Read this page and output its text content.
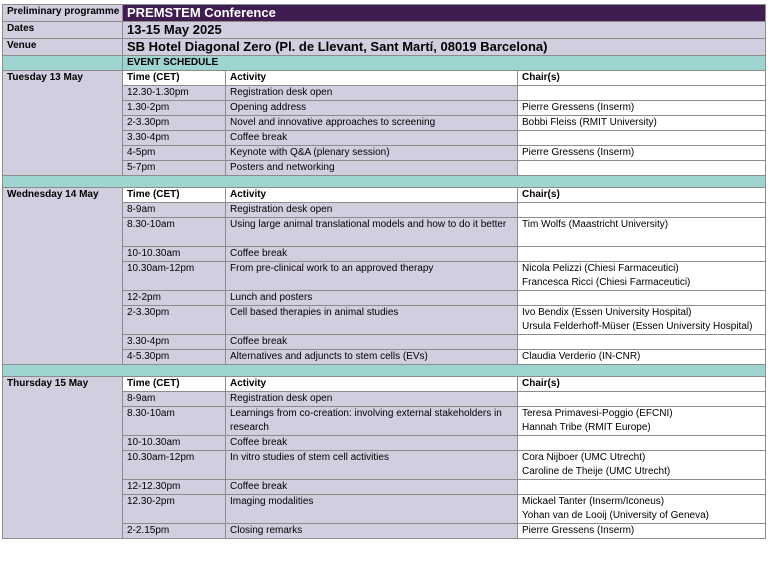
Preliminary programme	PREMSTEM Conference		
Dates	13-15 May 2025		
Venue	SB Hotel Diagonal Zero (Pl. de Llevant, Sant Martí, 08019 Barcelona)		
	EVENT SCHEDULE		
Tuesday 13 May	Time (CET)	Activity	Chair(s)
	12.30-1.30pm	Registration desk open	

	1.30-2pm	Opening address	Pierre Gressens (Inserm)

	2-3.30pm	Novel and innovative approaches to screening	Bobbi Fleiss (RMIT University)

	3.30-4pm	Coffee break	

	4-5pm	Keynote with Q&A (plenary session)	Pierre Gressens (Inserm)

	5-7pm	Posters and networking	

Wednesday 14 May	Time (CET)	Activity	Chair(s)
	8-9am	Registration desk open	

	8.30-10am	Using large animal translational models and how to do it better	Tim Wolfs (Maastricht University)

	10-10.30am	Coffee break	

	10.30am-12pm	From pre-clinical work to an approved therapy	Nicola Pelizzi (Chiesi Farmaceutici)
Francesca Ricci (Chiesi Farmaceutici)

	12-2pm	Lunch and posters	

	2-3.30pm	Cell based therapies in animal studies	Ivo Bendix (Essen University Hospital)
Ursula Felderhoff-Müser (Essen University Hospital)

	3.30-4pm	Coffee break	

	4-5.30pm	Alternatives and adjuncts to stem cells (EVs)	Claudia Verderio (IN-CNR)

Thursday 15 May	Time (CET)	Activity	Chair(s)
	8-9am	Registration desk open	

	8.30-10am	Learnings from co-creation: involving external stakeholders in
research	Teresa Primavesi-Poggio (EFCNI)
Hannah Tribe (RMIT Europe)

	10-10.30am	Coffee break	

	10.30am-12pm	In vitro studies of stem cell activities	Cora Nijboer (UMC Utrecht)
Caroline de Theije (UMC Utrecht)

	12-12.30pm	Coffee break	

	12.30-2pm	Imaging modalities	Mickael Tanter (Inserm/Iconeus)
Yohan van de Looij (University of Geneva)

	2-2.15pm	Closing remarks	Pierre Gressens (Inserm)
